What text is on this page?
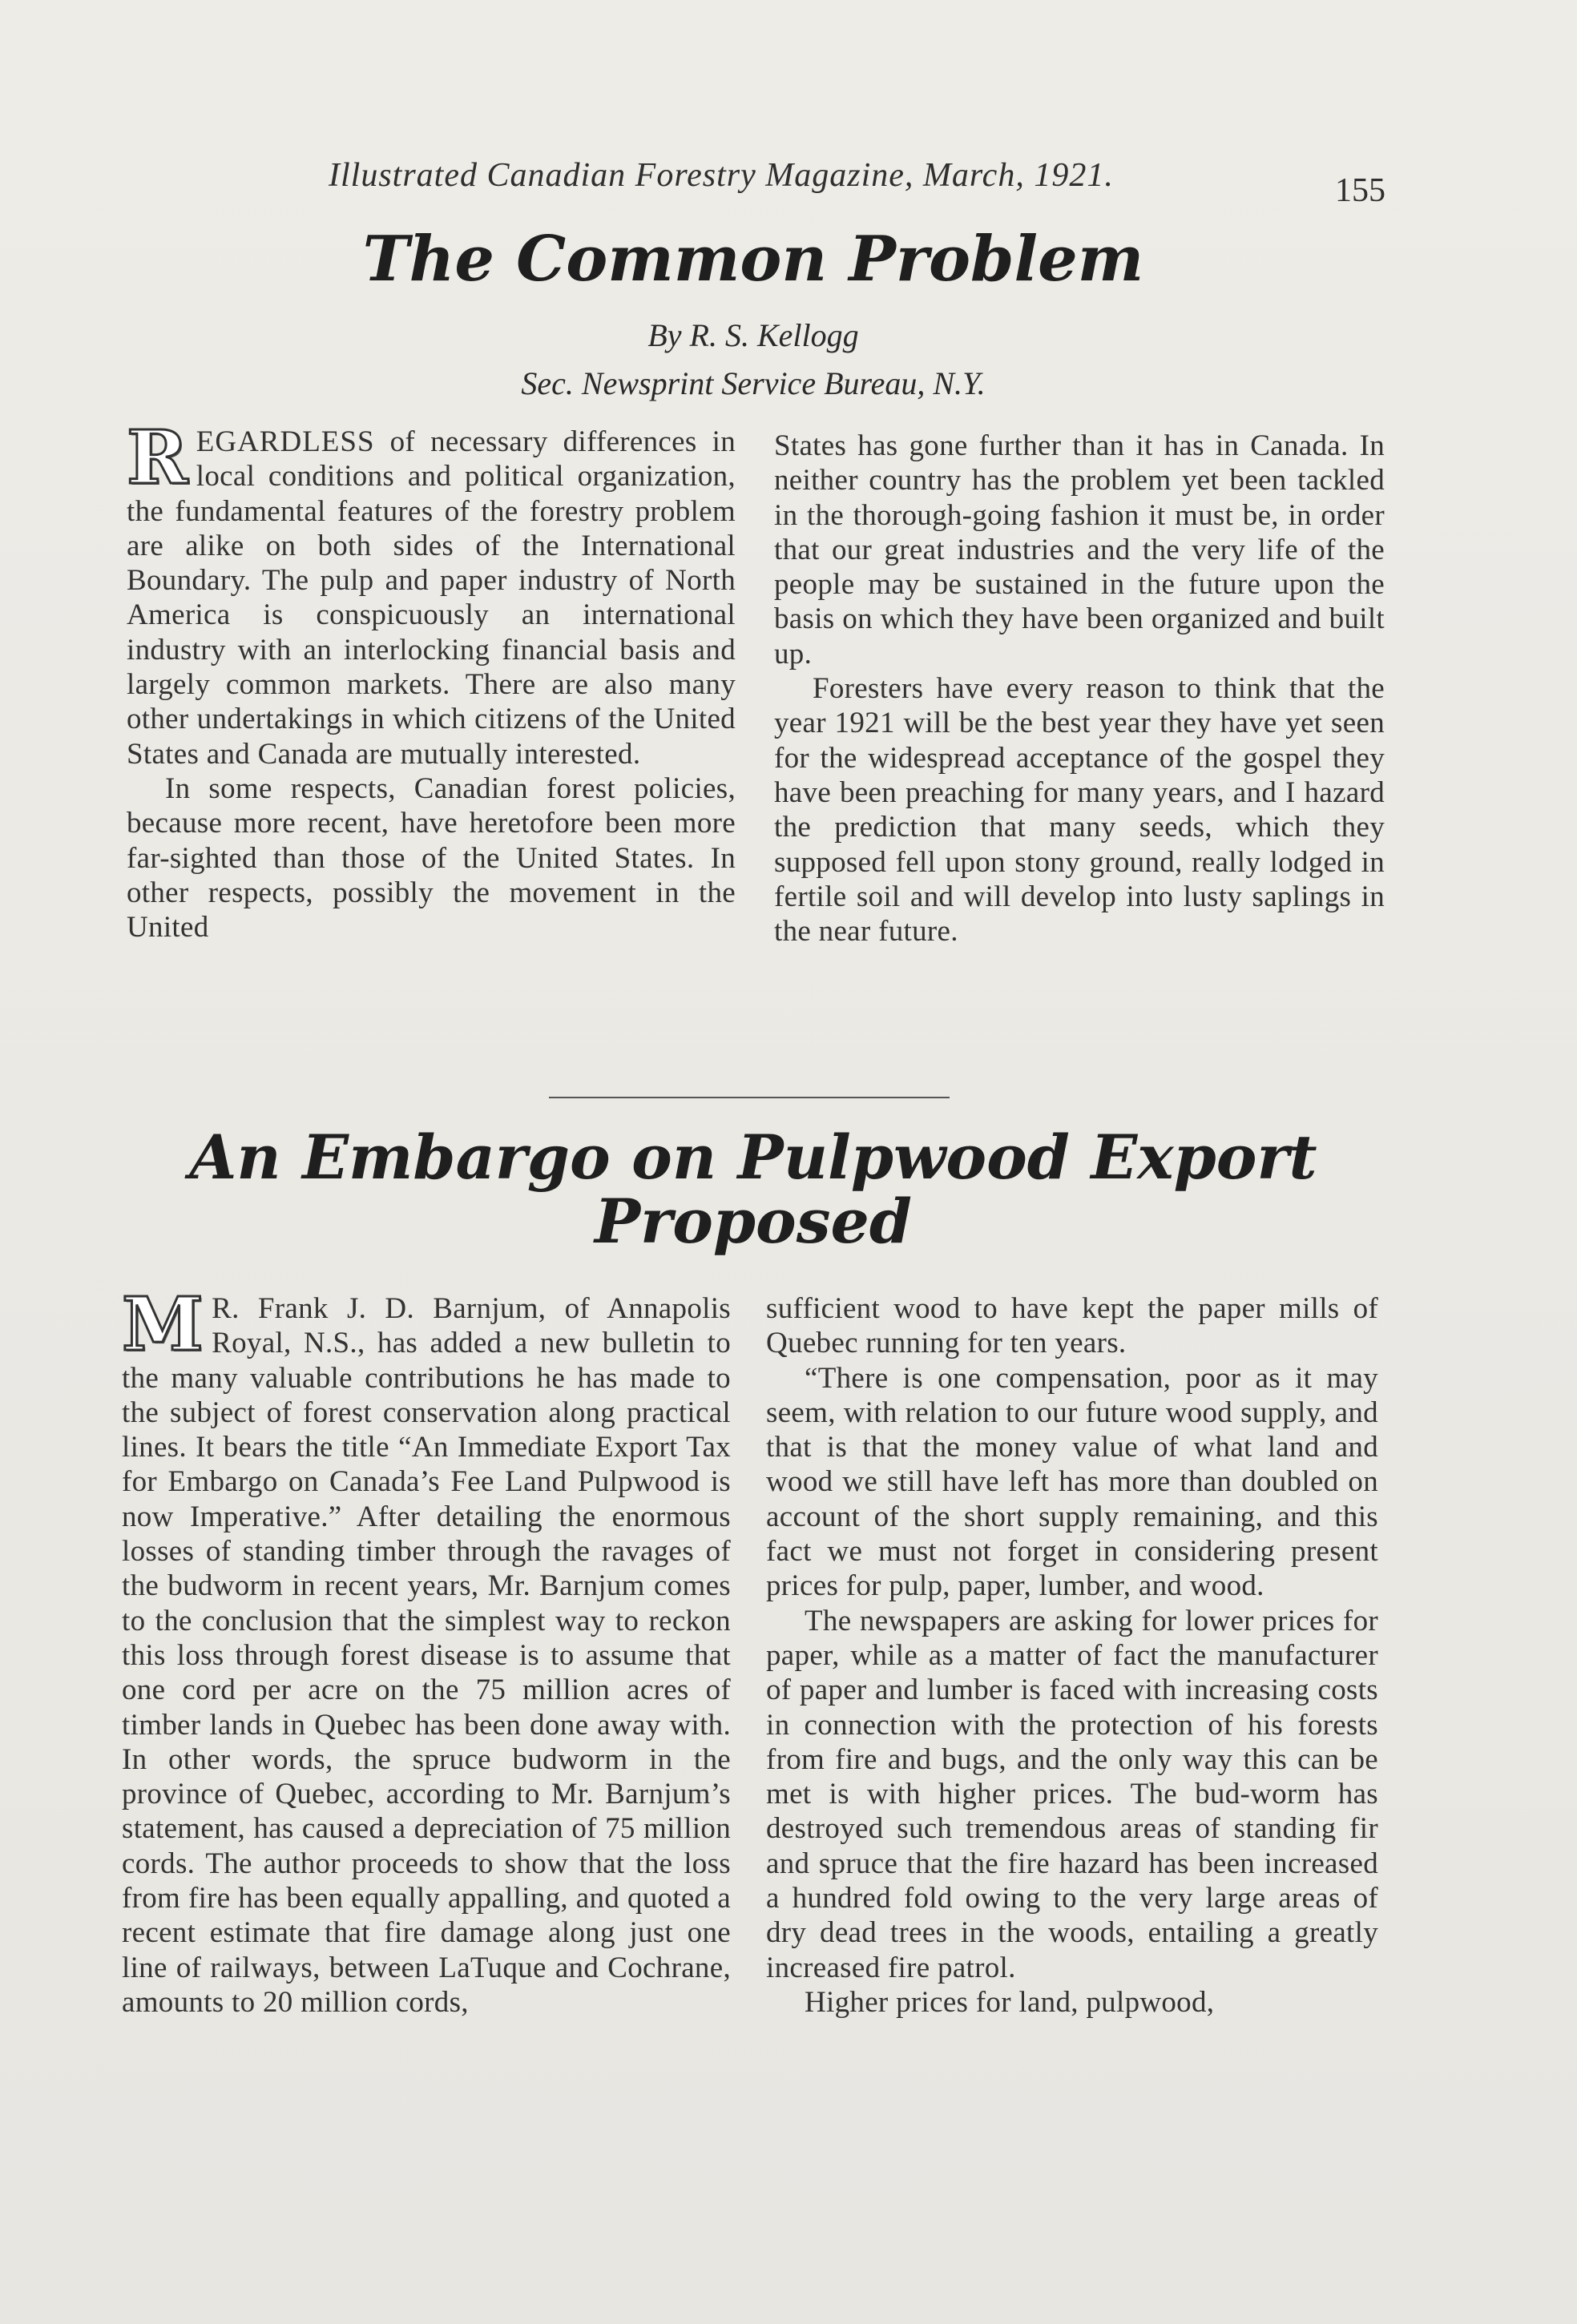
Illustrated Canadian Forestry Magazine, March, 1921.	155
The Common Problem
By R. S. Kellogg
Sec. Newsprint Service Bureau, N.Y.

REGARDLESS of necessary differences in local conditions and political organization, the fundamental features of the forestry problem are alike on both sides of the International Boundary. The pulp and paper industry of North America is conspicuously an international industry with an interlocking financial basis and largely common markets. There are also many other undertakings in which citizens of the United States and Canada are mutually interested.

In some respects, Canadian forest policies, because more recent, have heretofore been more far-sighted than those of the United States. In other respects, possibly the movement in the United

States has gone further than it has in Canada. In neither country has the problem yet been tackled in the thorough-going fashion it must be, in order that our great industries and the very life of the people may be sustained in the future upon the basis on which they have been organized and built up.

Foresters have every reason to think that the year 1921 will be the best year they have yet seen for the widespread acceptance of the gospel they have been preaching for many years, and I hazard the prediction that many seeds, which they supposed fell upon stony ground, really lodged in fertile soil and will develop into lusty saplings in the near future.

An Embargo on Pulpwood Export Proposed

M R. Frank J. D. Barnjum, of Annapolis Royal, N.S., has added a new bulletin to the many valuable contributions he has made to the subject of forest conservation along practical lines. It bears the title “An Immediate Export Tax for Embargo on Canada’s Fee Land Pulpwood is now Imperative.” After detailing the enormous losses of standing timber through the ravages of the budworm in recent years, Mr. Barnjum comes to the conclusion that the simplest way to reckon this loss through forest disease is to assume that one cord per acre on the 75 million acres of timber lands in Quebec has been done away with. In other words, the spruce budworm in the province of Quebec, according to Mr. Barnjum’s statement, has caused a depreciation of 75 million cords. The author proceeds to show that the loss from fire has been equally appalling, and quoted a recent estimate that fire damage along just one line of railways, between LaTuque and Cochrane, amounts to 20 million cords,

sufficient wood to have kept the paper mills of Quebec running for ten years.

“There is one compensation, poor as it may seem, with relation to our future wood supply, and that is that the money value of what land and wood we still have left has more than doubled on account of the short supply remaining, and this fact we must not forget in considering present prices for pulp, paper, lumber, and wood.

The newspapers are asking for lower prices for paper, while as a matter of fact the manufacturer of paper and lumber is faced with increasing costs in connection with the protection of his forests from fire and bugs, and the only way this can be met is with higher prices. The bud-worm has destroyed such tremendous areas of standing fir and spruce that the fire hazard has been increased a hundred fold owing to the very large areas of dry dead trees in the woods, entailing a greatly increased fire patrol.

Higher prices for land, pulpwood,
